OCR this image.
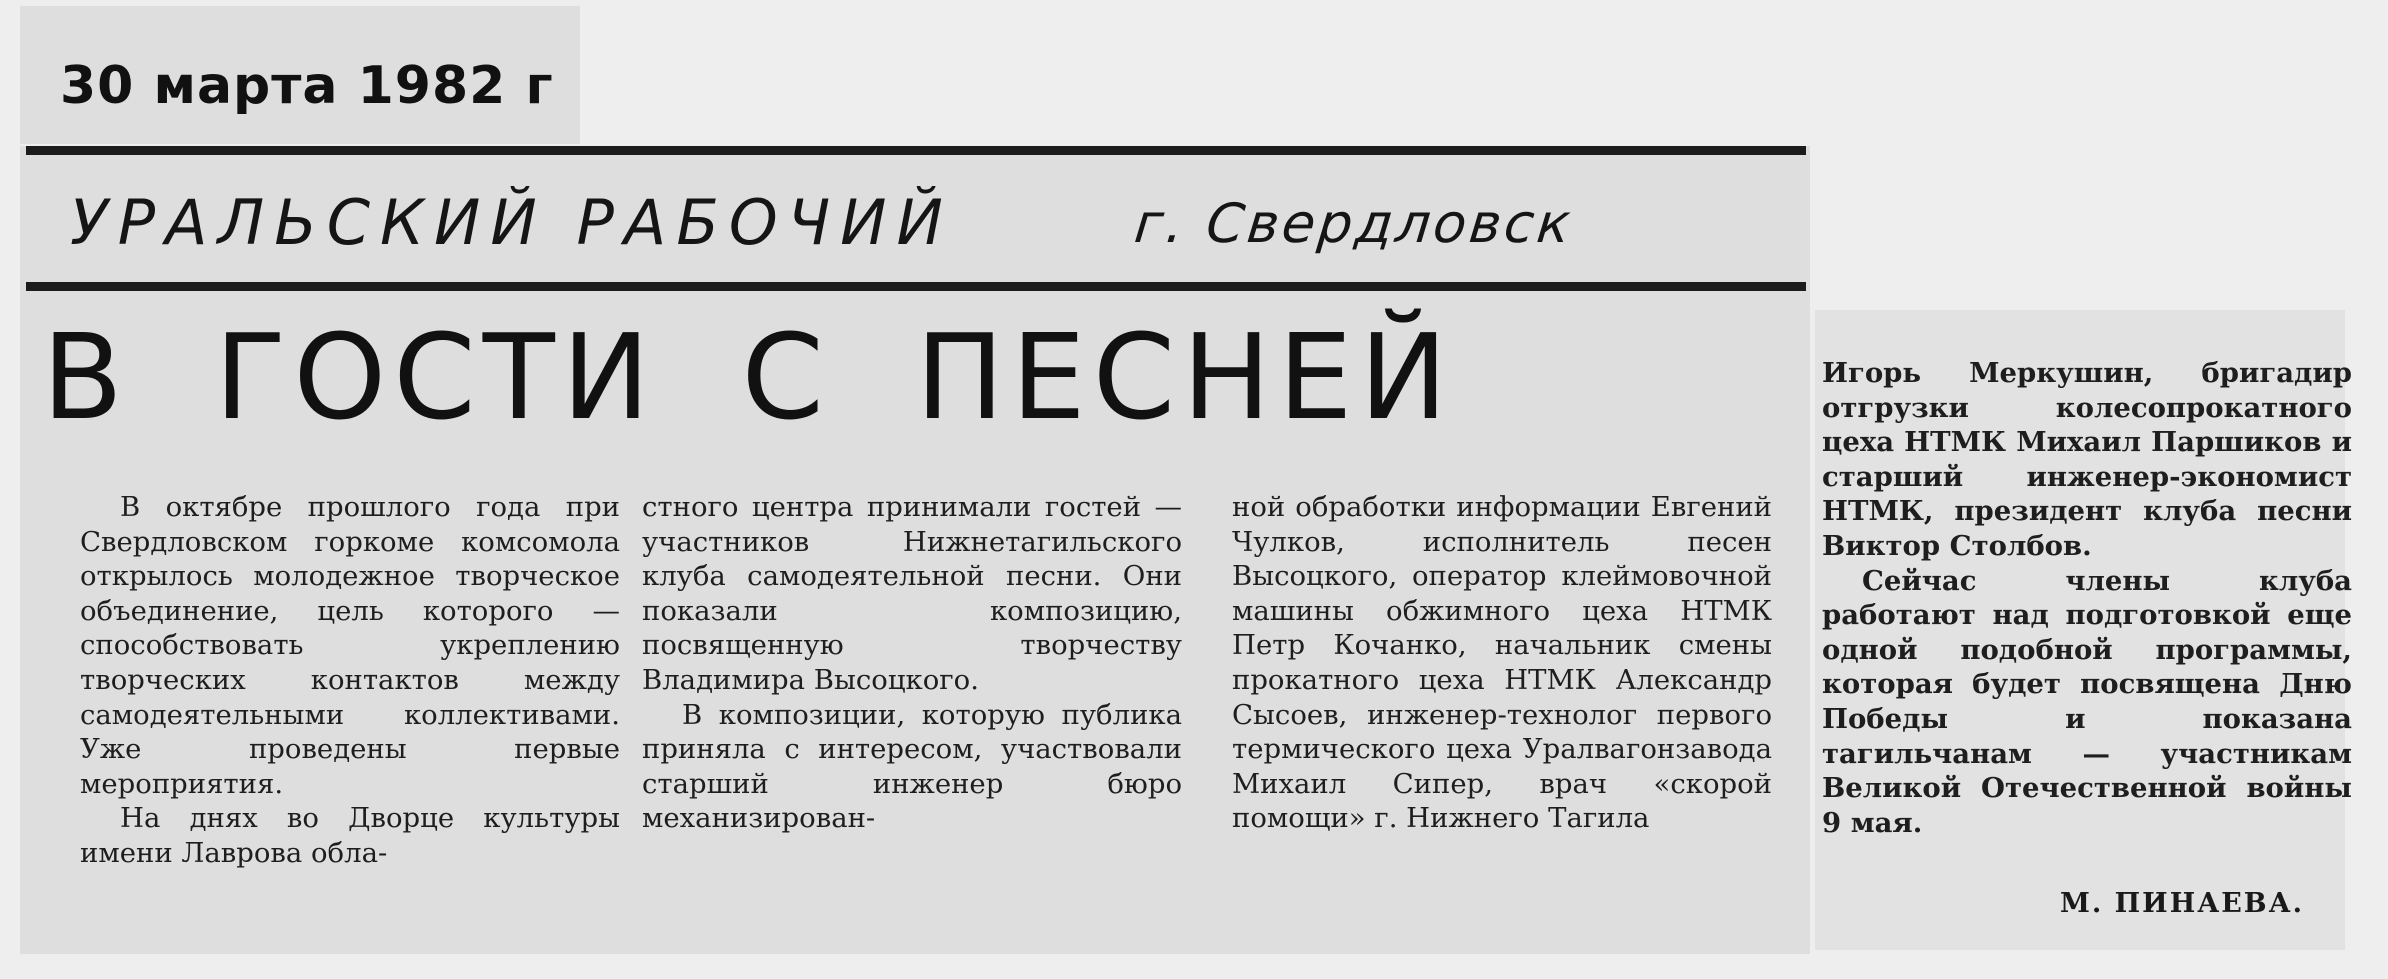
30 марта 1982 г

УРАЛЬСКИЙ РАБОЧИЙ	г. Свердловск

В ГОСТИ С ПЕСНЕЙ

В октябре прошлого года при Свердловском горкоме комсомола открылось молодежное творческое объединение, цель которого — способствовать укреплению творческих контактов между самодеятельными коллективами. Уже проведены первые мероприятия.

На днях во Дворце культуры имени Лаврова обла-

стного центра принимали гостей — участников Нижнетагильского клуба самодеятельной песни. Они показали композицию, посвященную творчеству Владимира Высоцкого.

В композиции, которую публика приняла с интересом, участвовали старший инженер бюро механизирован-

ной обработки информации Евгений Чулков, исполнитель песен Высоцкого, оператор клеймовочной машины обжимного цеха НТМК Петр Кочанко, начальник смены прокатного цеха НТМК Александр Сысоев, инженер-технолог первого термического цеха Уралвагонзавода Михаил Сипер, врач «скорой помощи» г. Нижнего Тагила

Игорь Меркушин, бригадир отгрузки колесопрокатного цеха НТМК Михаил Паршиков и старший инженер-экономист НТМК, президент клуба песни Виктор Столбов.

Сейчас члены клуба работают над подготовкой еще одной подобной программы, которая будет посвящена Дню Победы и показана тагильчанам — участникам Великой Отечественной войны 9 мая.

М. ПИНАЕВА.
